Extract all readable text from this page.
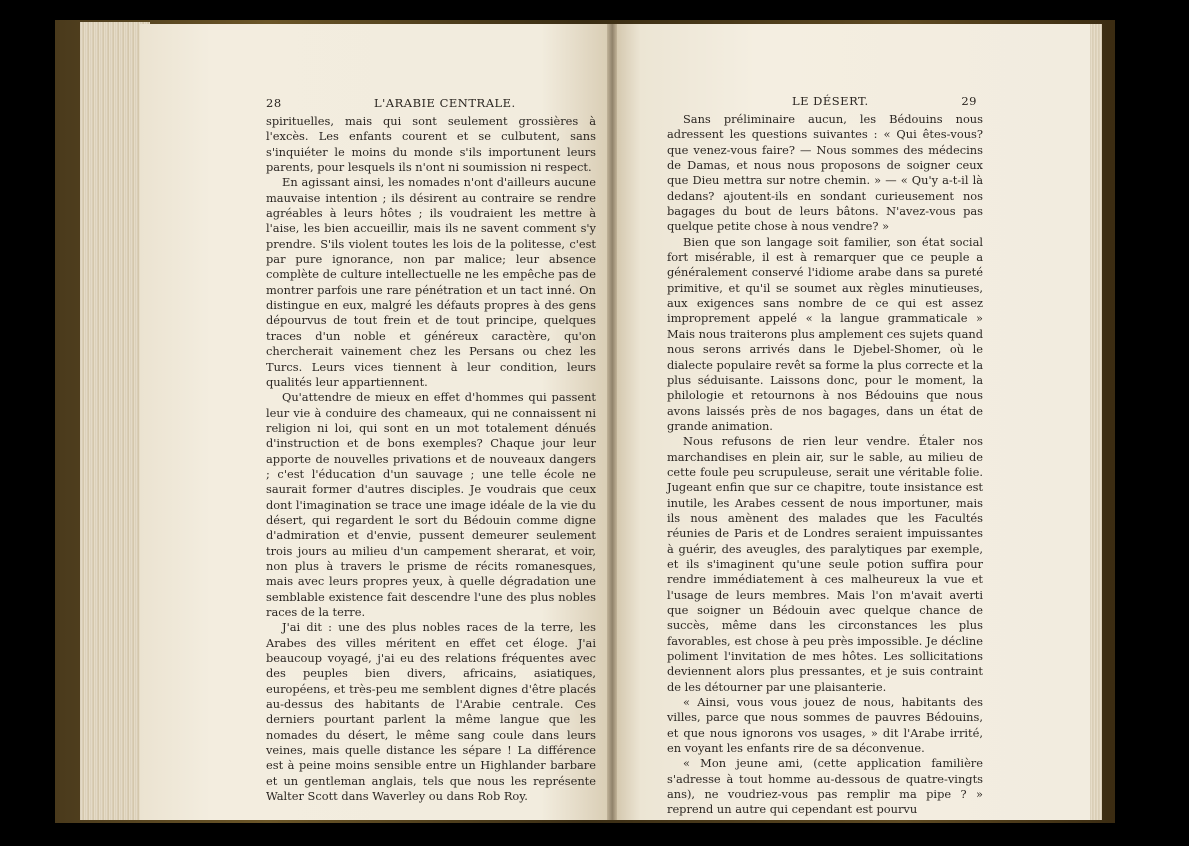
28	L'ARABIE CENTRALE.

spirituelles, mais qui sont seulement grossières à l'excès. Les enfants courent et se culbutent, sans s'inquiéter le moins du monde s'ils importunent leurs parents, pour lesquels ils n'ont ni soumission ni respect.

En agissant ainsi, les nomades n'ont d'ailleurs aucune mauvaise intention ; ils désirent au contraire se rendre agréables à leurs hôtes ; ils voudraient les mettre à l'aise, les bien accueillir, mais ils ne savent comment s'y prendre. S'ils violent toutes les lois de la politesse, c'est par pure ignorance, non par malice; leur absence complète de culture intellectuelle ne les empêche pas de montrer parfois une rare pénétration et un tact inné. On distingue en eux, malgré les défauts propres à des gens dépourvus de tout frein et de tout principe, quelques traces d'un noble et généreux caractère, qu'on chercherait vainement chez les Persans ou chez les Turcs. Leurs vices tiennent à leur condition, leurs qualités leur appartiennent.

Qu'attendre de mieux en effet d'hommes qui passent leur vie à conduire des chameaux, qui ne connaissent ni religion ni loi, qui sont en un mot totalement dénués d'instruction et de bons exemples? Chaque jour leur apporte de nouvelles privations et de nouveaux dangers ; c'est l'éducation d'un sauvage ; une telle école ne saurait former d'autres disciples. Je voudrais que ceux dont l'imagination se trace une image idéale de la vie du désert, qui regardent le sort du Bédouin comme digne d'admiration et d'envie, pussent demeurer seulement trois jours au milieu d'un campement sherarat, et voir, non plus à travers le prisme de récits romanesques, mais avec leurs propres yeux, à quelle dégradation une semblable existence fait descendre l'une des plus nobles races de la terre.

J'ai dit : une des plus nobles races de la terre, les Arabes des villes méritent en effet cet éloge. J'ai beaucoup voyagé, j'ai eu des relations fréquentes avec des peuples bien divers, africains, asiatiques, européens, et très-peu me semblent dignes d'être placés au-dessus des habitants de l'Arabie centrale. Ces derniers pourtant parlent la même langue que les nomades du désert, le même sang coule dans leurs veines, mais quelle distance les sépare ! La différence est à peine moins sensible entre un Highlander barbare et un gentleman anglais, tels que nous les représente Walter Scott dans Waverley ou dans Rob Roy.

LE DÉSERT.	29

Sans préliminaire aucun, les Bédouins nous adressent les questions suivantes : « Qui êtes-vous? que venez-vous faire? — Nous sommes des médecins de Damas, et nous nous proposons de soigner ceux que Dieu mettra sur notre chemin. » — « Qu'y a-t-il là dedans? ajoutent-ils en sondant curieusement nos bagages du bout de leurs bâtons. N'avez-vous pas quelque petite chose à nous vendre? »

Bien que son langage soit familier, son état social fort misérable, il est à remarquer que ce peuple a généralement conservé l'idiome arabe dans sa pureté primitive, et qu'il se soumet aux règles minutieuses, aux exigences sans nombre de ce qui est assez improprement appelé « la langue grammaticale » Mais nous traiterons plus amplement ces sujets quand nous serons arrivés dans le Djebel-Shomer, où le dialecte populaire revêt sa forme la plus correcte et la plus séduisante. Laissons donc, pour le moment, la philologie et retournons à nos Bédouins que nous avons laissés près de nos bagages, dans un état de grande animation.

Nous refusons de rien leur vendre. Étaler nos marchandises en plein air, sur le sable, au milieu de cette foule peu scrupuleuse, serait une véritable folie. Jugeant enfin que sur ce chapitre, toute insistance est inutile, les Arabes cessent de nous importuner, mais ils nous amènent des malades que les Facultés réunies de Paris et de Londres seraient impuissantes à guérir, des aveugles, des paralytiques par exemple, et ils s'imaginent qu'une seule potion suffira pour rendre immédiatement à ces malheureux la vue et l'usage de leurs membres. Mais l'on m'avait averti que soigner un Bédouin avec quelque chance de succès, même dans les circonstances les plus favorables, est chose à peu près impossible. Je décline poliment l'invitation de mes hôtes. Les sollicitations deviennent alors plus pressantes, et je suis contraint de les détourner par une plaisanterie.

« Ainsi, vous vous jouez de nous, habitants des villes, parce que nous sommes de pauvres Bédouins, et que nous ignorons vos usages, » dit l'Arabe irrité, en voyant les enfants rire de sa déconvenue.

« Mon jeune ami, (cette application familière s'adresse à tout homme au-dessous de quatre-vingts ans), ne voudriez-vous pas remplir ma pipe ? » reprend un autre qui cependant est pourvu
